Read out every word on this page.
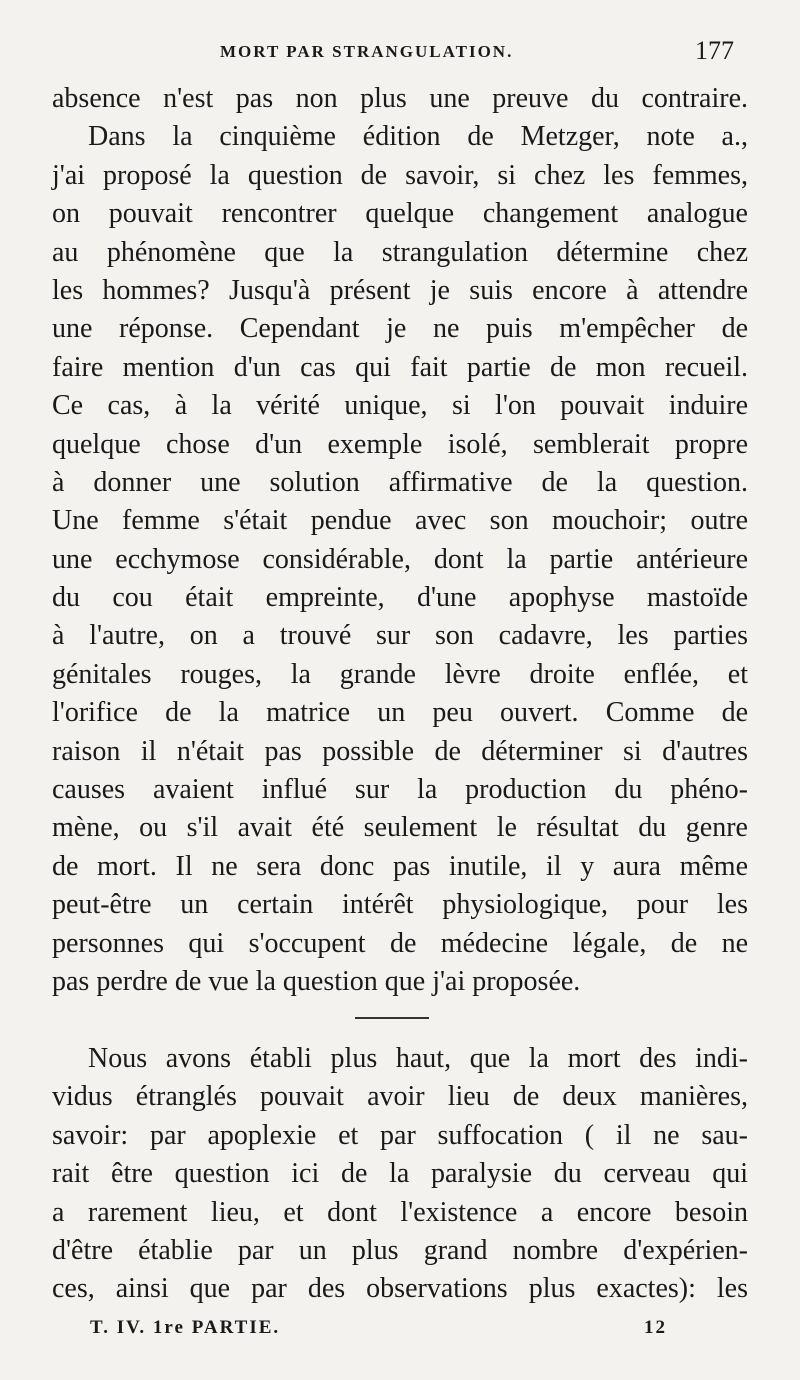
MORT PAR STRANGULATION.	177
absence n'est pas non plus une preuve du contraire.
Dans la cinquième édition de Metzger, note a.,
j'ai proposé la question de savoir, si chez les femmes,
on pouvait rencontrer quelque changement analogue
au phénomène que la strangulation détermine chez
les hommes? Jusqu'à présent je suis encore à attendre
une réponse. Cependant je ne puis m'empêcher de
faire mention d'un cas qui fait partie de mon recueil.
Ce cas, à la vérité unique, si l'on pouvait induire
quelque chose d'un exemple isolé, semblerait propre
à donner une solution affirmative de la question.
Une femme s'était pendue avec son mouchoir; outre
une ecchymose considérable, dont la partie antérieure
du cou était empreinte, d'une apophyse mastoïde
à l'autre, on a trouvé sur son cadavre, les parties
génitales rouges, la grande lèvre droite enflée, et
l'orifice de la matrice un peu ouvert. Comme de
raison il n'était pas possible de déterminer si d'autres
causes avaient influé sur la production du phéno-
mène, ou s'il avait été seulement le résultat du genre
de mort. Il ne sera donc pas inutile, il y aura même
peut-être un certain intérêt physiologique, pour les
personnes qui s'occupent de médecine légale, de ne
pas perdre de vue la question que j'ai proposée.
Nous avons établi plus haut, que la mort des indi-
vidus étranglés pouvait avoir lieu de deux manières,
savoir: par apoplexie et par suffocation ( il ne sau-
rait être question ici de la paralysie du cerveau qui
a rarement lieu, et dont l'existence a encore besoin
d'être établie par un plus grand nombre d'expérien-
ces, ainsi que par des observations plus exactes): les
T. IV. 1re PARTIE.	12
